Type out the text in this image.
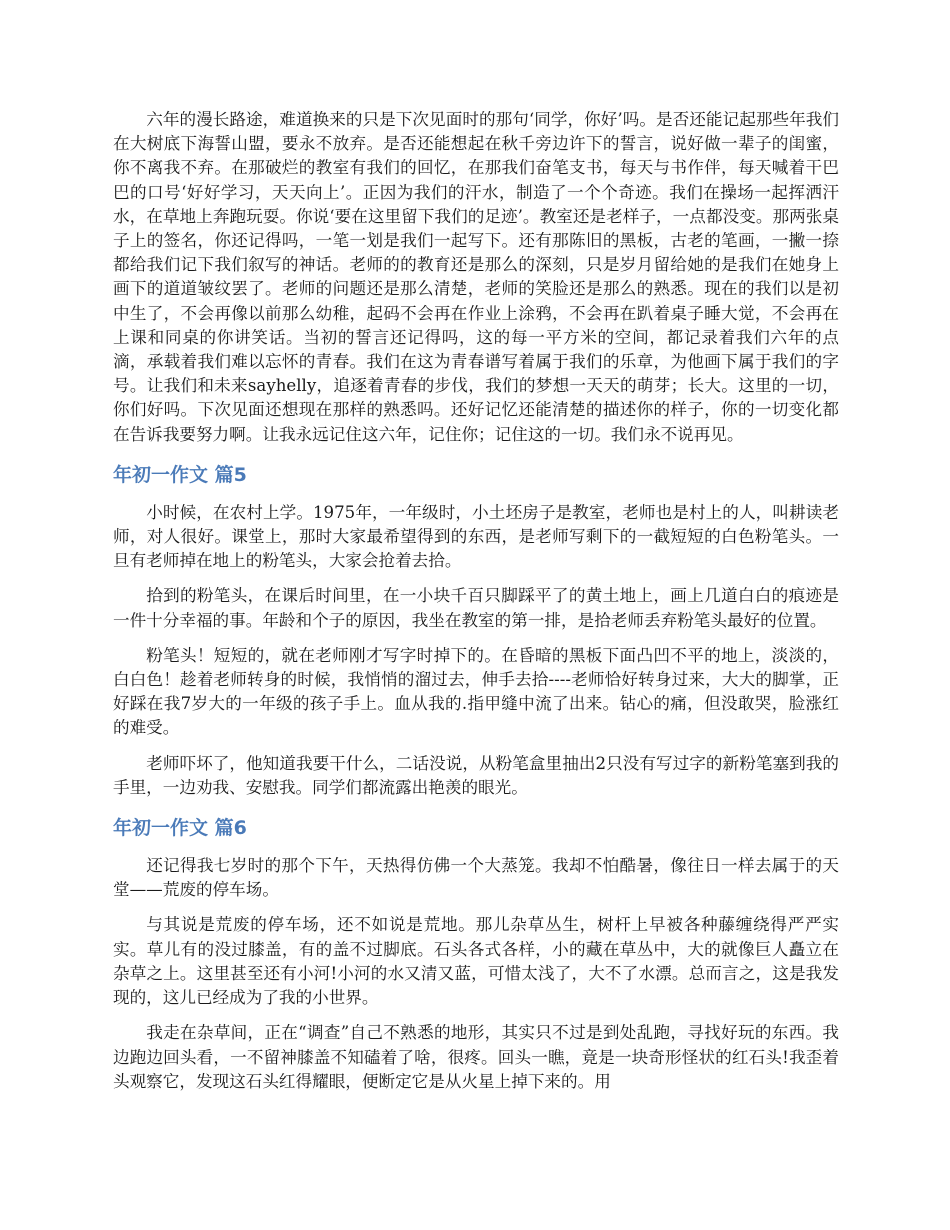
六年的漫长路途，难道换来的只是下次见面时的那句‘同学，你好’吗。是否还能记起那些年我们在大树底下海誓山盟，要永不放弃。是否还能想起在秋千旁边许下的誓言，说好做一辈子的闺蜜，你不离我不弃。在那破烂的教室有我们的回忆，在那我们奋笔支书，每天与书作伴，每天喊着干巴巴的口号‘好好学习，天天向上’。正因为我们的汗水，制造了一个个奇迹。我们在操场一起挥洒汗水，在草地上奔跑玩耍。你说‘要在这里留下我们的足迹’。教室还是老样子，一点都没变。那两张桌子上的签名，你还记得吗，一笔一划是我们一起写下。还有那陈旧的黑板，古老的笔画，一撇一捺都给我们记下我们叙写的神话。老师的的教育还是那么的深刻，只是岁月留给她的是我们在她身上画下的道道皱纹罢了。老师的问题还是那么清楚，老师的笑脸还是那么的熟悉。现在的我们以是初中生了，不会再像以前那么幼稚，起码不会再在作业上涂鸦，不会再在趴着桌子睡大觉，不会再在上课和同桌的你讲笑话。当初的誓言还记得吗，这的每一平方米的空间，都记录着我们六年的点滴，承载着我们难以忘怀的青春。我们在这为青春谱写着属于我们的乐章，为他画下属于我们的字号。让我们和未来sayhelly，追逐着青春的步伐，我们的梦想一天天的萌芽；长大。这里的一切，你们好吗。下次见面还想现在那样的熟悉吗。还好记忆还能清楚的描述你的样子，你的一切变化都在告诉我要努力啊。让我永远记住这六年，记住你；记住这的一切。我们永不说再见。

年初一作文 篇5

小时候，在农村上学。1975年，一年级时，小土坯房子是教室，老师也是村上的人，叫耕读老师，对人很好。课堂上，那时大家最希望得到的东西，是老师写剩下的一截短短的白色粉笔头。一旦有老师掉在地上的粉笔头，大家会抢着去拾。

拾到的粉笔头，在课后时间里，在一小块千百只脚踩平了的黄土地上，画上几道白白的痕迹是一件十分幸福的事。年龄和个子的原因，我坐在教室的第一排，是拾老师丢弃粉笔头最好的位置。

粉笔头！短短的，就在老师刚才写字时掉下的。在昏暗的黑板下面凸凹不平的地上，淡淡的，白白色！趁着老师转身的时候，我悄悄的溜过去，伸手去拾----老师恰好转身过来，大大的脚掌，正好踩在我7岁大的一年级的孩子手上。血从我的.指甲缝中流了出来。钻心的痛，但没敢哭，脸涨红的难受。

老师吓坏了，他知道我要干什么，二话没说，从粉笔盒里抽出2只没有写过字的新粉笔塞到我的手里，一边劝我、安慰我。同学们都流露出艳羡的眼光。

年初一作文 篇6

还记得我七岁时的那个下午，天热得仿佛一个大蒸笼。我却不怕酷暑，像往日一样去属于的天堂——荒废的停车场。

与其说是荒废的停车场，还不如说是荒地。那儿杂草丛生，树杆上早被各种藤缠绕得严严实实。草儿有的没过膝盖，有的盖不过脚底。石头各式各样，小的藏在草丛中，大的就像巨人矗立在杂草之上。这里甚至还有小河!小河的水又清又蓝，可惜太浅了，大不了水漂。总而言之，这是我发现的，这儿已经成为了我的小世界。

我走在杂草间，正在“调查”自己不熟悉的地形，其实只不过是到处乱跑，寻找好玩的东西。我边跑边回头看，一不留神膝盖不知磕着了啥，很疼。回头一瞧，竟是一块奇形怪状的红石头!我歪着头观察它，发现这石头红得耀眼，便断定它是从火星上掉下来的。用
